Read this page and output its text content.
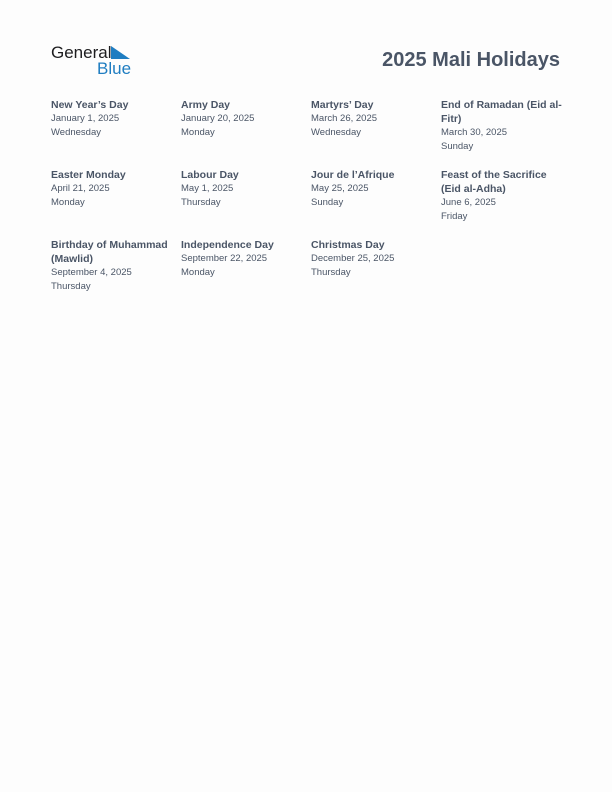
General
Blue	2025 Mali Holidays
New Year’s Day
January 1, 2025
Wednesday
Army Day
January 20, 2025
Monday
Martyrs’ Day
March 26, 2025
Wednesday
End of Ramadan (Eid al-Fitr)
March 30, 2025
Sunday
Easter Monday
April 21, 2025
Monday
Labour Day
May 1, 2025
Thursday
Jour de l’Afrique
May 25, 2025
Sunday
Feast of the Sacrifice (Eid al-Adha)
June 6, 2025
Friday
Birthday of Muhammad (Mawlid)
September 4, 2025
Thursday
Independence Day
September 22, 2025
Monday
Christmas Day
December 25, 2025
Thursday
